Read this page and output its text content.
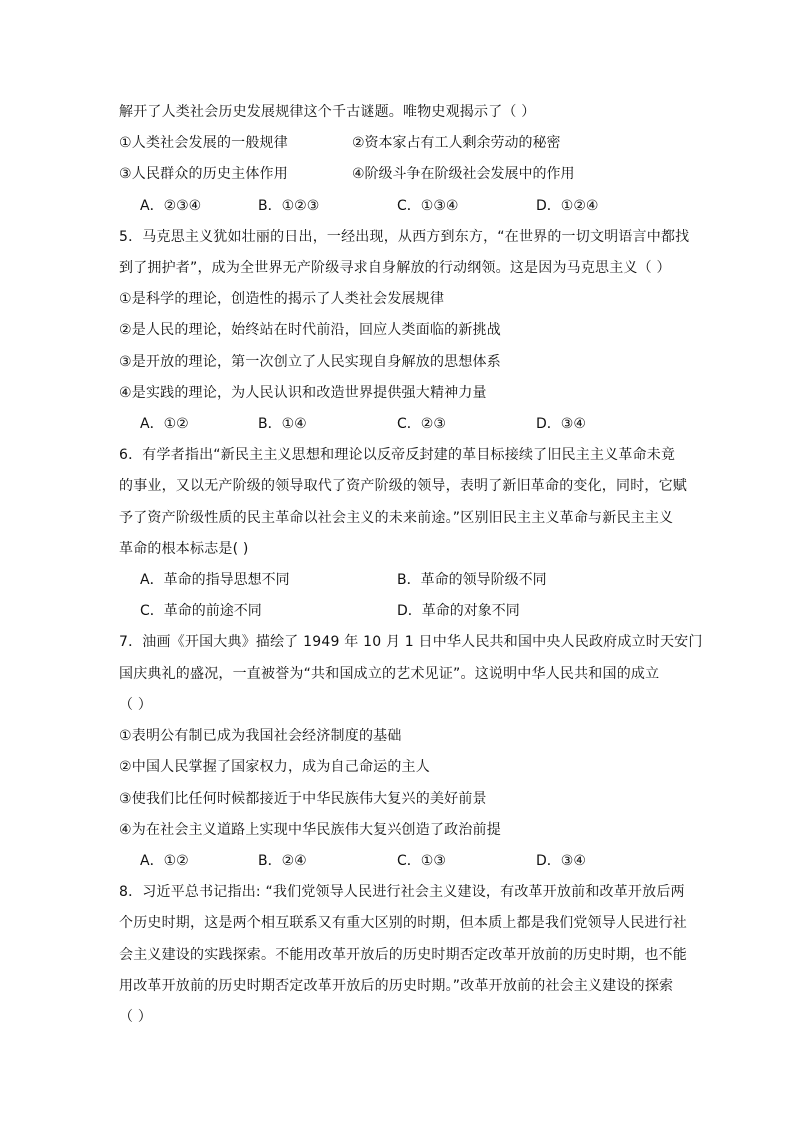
解开了人类社会历史发展规律这个千古谜题。唯物史观揭示了（ ）
①人类社会发展的一般规律	②资本家占有工人剩余劳动的秘密
③人民群众的历史主体作用	④阶级斗争在阶级社会发展中的作用
A．②③④	B．①②③	C．①③④	D．①②④
5．马克思主义犹如壮丽的日出，一经出现，从西方到东方，“在世界的一切文明语言中都找
到了拥护者”，成为全世界无产阶级寻求自身解放的行动纲领。这是因为马克思主义（ ）
①是科学的理论，创造性的揭示了人类社会发展规律
②是人民的理论，始终站在时代前沿，回应人类面临的新挑战
③是开放的理论，第一次创立了人民实现自身解放的思想体系
④是实践的理论，为人民认识和改造世界提供强大精神力量
A．①②	B．①④	C．②③	D．③④
6．有学者指出“新民主主义思想和理论以反帝反封建的革目标接续了旧民主主义革命未竟
的事业，又以无产阶级的领导取代了资产阶级的领导，表明了新旧革命的变化，同时，它赋
予了资产阶级性质的民主革命以社会主义的未来前途。”区别旧民主主义革命与新民主主义
革命的根本标志是( )
A．革命的指导思想不同	B．革命的领导阶级不同
C．革命的前途不同	D．革命的对象不同
7．油画《开国大典》描绘了 1949 年 10 月 1 日中华人民共和国中央人民政府成立时天安门
国庆典礼的盛况，一直被誉为“共和国成立的艺术见证”。这说明中华人民共和国的成立
（ ）
①表明公有制已成为我国社会经济制度的基础
②中国人民掌握了国家权力，成为自己命运的主人
③使我们比任何时候都接近于中华民族伟大复兴的美好前景
④为在社会主义道路上实现中华民族伟大复兴创造了政治前提
A．①②	B．②④	C．①③	D．③④
8．习近平总书记指出: “我们党领导人民进行社会主义建设，有改革开放前和改革开放后两
个历史时期，这是两个相互联系又有重大区别的时期，但本质上都是我们党领导人民进行社
会主义建设的实践探索。不能用改革开放后的历史时期否定改革开放前的历史时期，也不能
用改革开放前的历史时期否定改革开放后的历史时期。”改革开放前的社会主义建设的探索
（ ）
